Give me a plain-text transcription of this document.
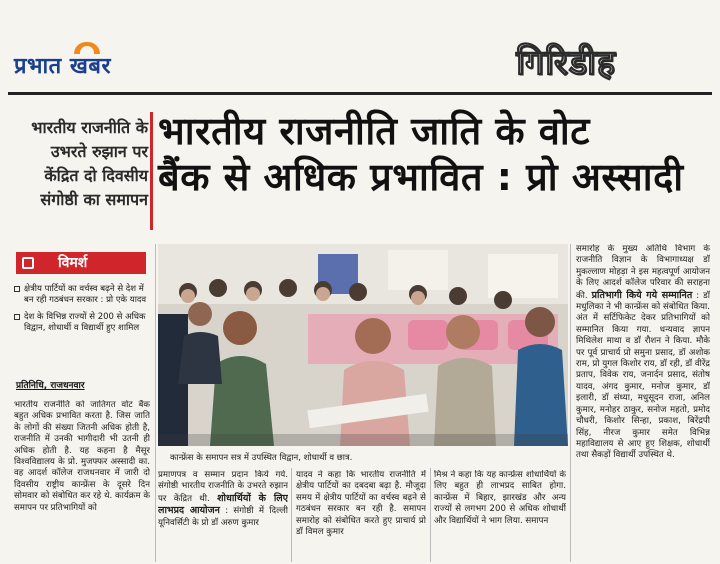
प्रभात खबर	गिरिडीह
भारतीय राजनीति के
उभरते रुझान पर
केंद्रित दो दिवसीय
संगोष्ठी का समापन
भारतीय राजनीति जाति के वोट
बैंक से अधिक प्रभावित : प्रो अस्सादी
विमर्श
क्षेत्रीय पार्टियों का वर्चस्व बढ़ने से देश में बन रही गठबंधन सरकार : प्रो एके यादव
देश के विभिन्न राज्यों से 200 से अधिक विद्वान, शोधार्थी व विद्यार्थी हुए शामिल
प्रतिनिधि, राजधनवार
भारतीय राजनीति को जातिगत वोट बैंक बहुत अधिक प्रभावित करता है. जिस जाति के लोगों की संख्या जितनी अधिक होती है, राजनीति में उनकी भागीदारी भी उतनी ही अधिक होती है. यह कहना है मैसूर विश्वविद्यालय के प्रो. मुजफ्फर अस्सादी का. वह आदर्श कॉलेज राजधनवार में जारी दो दिवसीय राष्ट्रीय कान्फ्रेंस के दूसरे दिन सोमवार को संबोधित कर रहे थे. कार्यक्रम के समापन पर प्रतिभागियों को
कान्फ्रेंस के समापन सत्र में उपस्थित विद्वान, शोधार्थी व छात्र.
प्रमाणपत्र व सम्मान प्रदान किये गये. संगोष्ठी भारतीय राजनीति के उभरते रुझान पर केंद्रित थी. शोधार्थियों के लिए लाभप्रद आयोजन : संगोष्ठी में दिल्ली यूनिवर्सिटी के प्रो डॉ अरुण कुमार
यादव ने कहा कि भारतीय राजनीति में क्षेत्रीय पार्टियों का दबदबा बढ़ा है. मौजूदा समय में क्षेत्रीय पार्टियों का वर्चस्व बढ़ने से गठबंधन सरकार बन रही है. समापन समारोह को संबोधित करते हुए प्राचार्य प्रो डॉ विमल कुमार
मिश्र ने कहा कि यह कान्फ्रेंस शोधार्थियों के लिए बहुत ही लाभप्रद साबित होगा. कान्फ्रेंस में बिहार, झारखंड और अन्य राज्यों से लगभग 200 से अधिक शोधार्थी और विद्यार्थियों ने भाग लिया. समापन
समारोह के मुख्य अतिथि विभाग के राजनीति विज्ञान के विभागाध्यक्ष डॉ मुकल्लाण मोहड़ा ने इस महत्वपूर्ण आयोजन के लिए आदर्श कॉलेज परिवार की सराहना की. प्रतिभागी किये गये सम्मानित : डॉ मधुलिका ने भी कान्फ्रेंस को संबोधित किया. अंत में सर्टिफिकेट देकर प्रतिभागियों को सम्मानित किया गया. धन्यवाद ज्ञापन मिथिलेश माथा व डॉ रौशन ने किया. मौके पर पूर्व प्राचार्य प्रो समुना प्रसाद, डॉ अशोक राम, प्रो युगल किशोर राय, डॉ रही, डॉ वीरेंद्र प्रताप, विवेक राय, जनार्दन प्रसाद, संतोष यादव, अंगद कुमार, मनोज कुमार, डॉ इलारी, डॉ संध्या, मधुसूदन राजा, अनिल कुमार, मनोहर ठाकुर, सनोज महतो, प्रमोद चौधरी, किशोर सिन्हा, प्रकाश, बिरेंद्रपी सिंह, नीरज कुमार समेत विभिन्न महाविद्यालय से आए हुए शिक्षक, शोधार्थी तथा सैकड़ों विद्यार्थी उपस्थित थे.
